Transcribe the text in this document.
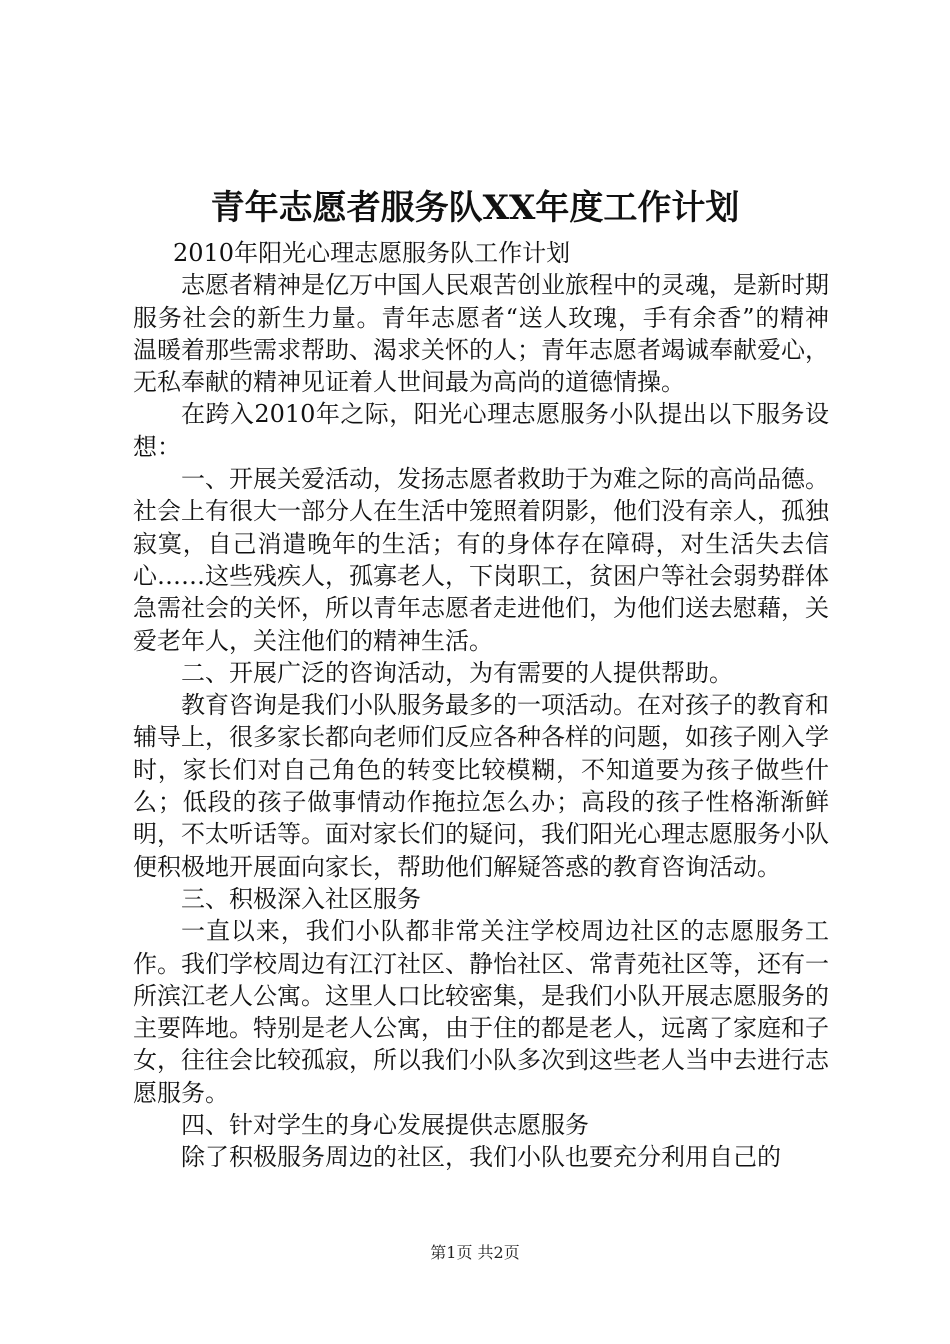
青年志愿者服务队XX年度工作计划

2010年阳光心理志愿服务队工作计划

志愿者精神是亿万中国人民艰苦创业旅程中的灵魂，是新时期服务社会的新生力量。青年志愿者“送人玫瑰，手有余香”的精神温暖着那些需求帮助、渴求关怀的人；青年志愿者竭诚奉献爱心，无私奉献的精神见证着人世间最为高尚的道德情操。

在跨入2010年之际，阳光心理志愿服务小队提出以下服务设想：

一、开展关爱活动，发扬志愿者救助于为难之际的高尚品德。社会上有很大一部分人在生活中笼照着阴影，他们没有亲人，孤独寂寞，自己消遣晚年的生活；有的身体存在障碍，对生活失去信心……这些残疾人，孤寡老人，下岗职工，贫困户等社会弱势群体急需社会的关怀，所以青年志愿者走进他们，为他们送去慰藉，关爱老年人，关注他们的精神生活。

二、开展广泛的咨询活动，为有需要的人提供帮助。

教育咨询是我们小队服务最多的一项活动。在对孩子的教育和辅导上，很多家长都向老师们反应各种各样的问题，如孩子刚入学时，家长们对自己角色的转变比较模糊，不知道要为孩子做些什么；低段的孩子做事情动作拖拉怎么办；高段的孩子性格渐渐鲜明，不太听话等。面对家长们的疑问，我们阳光心理志愿服务小队便积极地开展面向家长，帮助他们解疑答惑的教育咨询活动。

三、积极深入社区服务

一直以来，我们小队都非常关注学校周边社区的志愿服务工作。我们学校周边有江汀社区、静怡社区、常青苑社区等，还有一所滨江老人公寓。这里人口比较密集，是我们小队开展志愿服务的主要阵地。特别是老人公寓，由于住的都是老人，远离了家庭和子女，往往会比较孤寂，所以我们小队多次到这些老人当中去进行志愿服务。

四、针对学生的身心发展提供志愿服务

除了积极服务周边的社区，我们小队也要充分利用自己的

第1页 共2页
